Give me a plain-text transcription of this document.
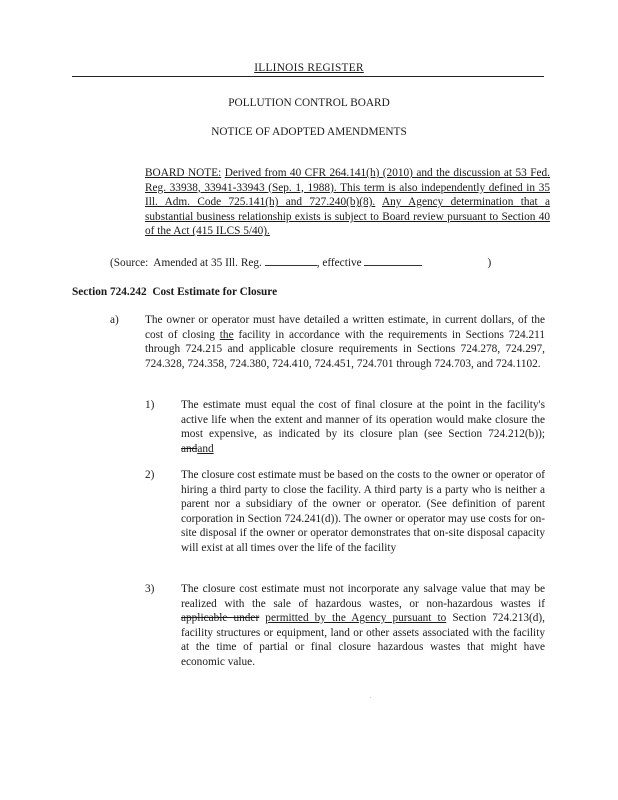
ILLINOIS REGISTER
POLLUTION CONTROL BOARD
NOTICE OF ADOPTED AMENDMENTS
BOARD NOTE: Derived from 40 CFR 264.141(h) (2010) and the discussion at 53 Fed. Reg. 33938, 33941-33943 (Sep. 1, 1988). This term is also independently defined in 35 Ill. Adm. Code 725.141(h) and 727.240(b)(8). Any Agency determination that a substantial business relationship exists is subject to Board review pursuant to Section 40 of the Act (415 ILCS 5/40).
(Source:  Amended at 35 Ill. Reg.	, effective	)
Section 724.242 Cost Estimate for Closure
a) The owner or operator must have detailed a written estimate, in current dollars, of the cost of closing the facility in accordance with the requirements in Sections 724.211 through 724.215 and applicable closure requirements in Sections 724.278, 724.297, 724.328, 724.358, 724.380, 724.410, 724.451, 724.701 through 724.703, and 724.1102.
1) The estimate must equal the cost of final closure at the point in the facility's active life when the extent and manner of its operation would make closure the most expensive, as indicated by its closure plan (see Section 724.212(b)); andand
2) The closure cost estimate must be based on the costs to the owner or operator of hiring a third party to close the facility. A third party is a party who is neither a parent nor a subsidiary of the owner or operator. (See definition of parent corporation in Section 724.241(d)). The owner or operator may use costs for on-site disposal if the owner or operator demonstrates that on-site disposal capacity will exist at all times over the life of the facility
3) The closure cost estimate must not incorporate any salvage value that may be realized with the sale of hazardous wastes, or non-hazardous wastes if applicable under permitted by the Agency pursuant to Section 724.213(d), facility structures or equipment, land or other assets associated with the facility at the time of partial or final closure hazardous wastes that might have economic value.
.
